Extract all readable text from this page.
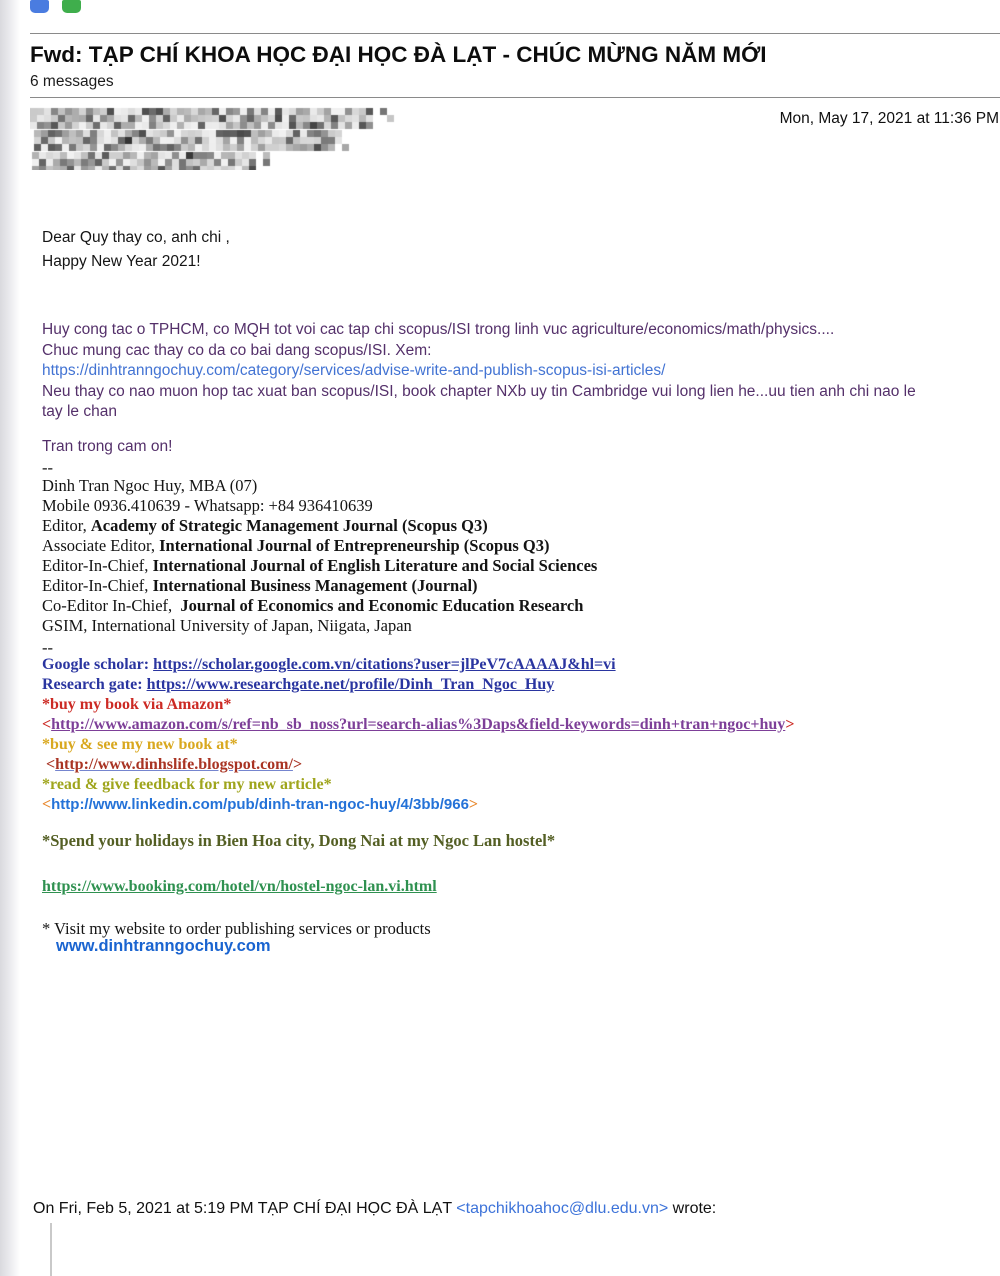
Fwd: TẠP CHÍ KHOA HỌC ĐẠI HỌC ĐÀ LẠT - CHÚC MỪNG NĂM MỚI
6 messages
Mon, May 17, 2021 at 11:36 PM
Dear Quy thay co, anh chi ,
Happy New Year 2021!
Huy cong tac o TPHCM, co MQH tot voi cac tap chi scopus/ISI trong linh vuc agriculture/economics/math/physics....
Chuc mung cac thay co da co bai dang scopus/ISI. Xem:
https://dinhtranngochuy.com/category/services/advise-write-and-publish-scopus-isi-articles/
Neu thay co nao muon hop tac xuat ban scopus/ISI, book chapter NXb uy tin Cambridge vui long lien he...uu tien anh chi nao le
tay le chan
Tran trong cam on!
--
Dinh Tran Ngoc Huy, MBA (07)
Mobile 0936.410639 - Whatsapp: +84 936410639
Editor, Academy of Strategic Management Journal (Scopus Q3)
Associate Editor, International Journal of Entrepreneurship (Scopus Q3)
Editor-In-Chief, International Journal of English Literature and Social Sciences
Editor-In-Chief, International Business Management (Journal)
Co-Editor In-Chief,  Journal of Economics and Economic Education Research
GSIM, International University of Japan, Niigata, Japan
--
Google scholar: https://scholar.google.com.vn/citations?user=jlPeV7cAAAAJ&hl=vi
Research gate: https://www.researchgate.net/profile/Dinh_Tran_Ngoc_Huy
*buy my book via Amazon*
<http://www.amazon.com/s/ref=nb_sb_noss?url=search-alias%3Daps&field-keywords=dinh+tran+ngoc+huy>
*buy & see my new book at*
<http://www.dinhslife.blogspot.com/>
*read & give feedback for my new article*
<http://www.linkedin.com/pub/dinh-tran-ngoc-huy/4/3bb/966>
*Spend your holidays in Bien Hoa city, Dong Nai at my Ngoc Lan hostel*
https://www.booking.com/hotel/vn/hostel-ngoc-lan.vi.html
* Visit my website to order publishing services or products
www.dinhtranngochuy.com
On Fri, Feb 5, 2021 at 5:19 PM TẠP CHÍ ĐẠI HỌC ĐÀ LẠT <tapchikhoahoc@dlu.edu.vn> wrote:
